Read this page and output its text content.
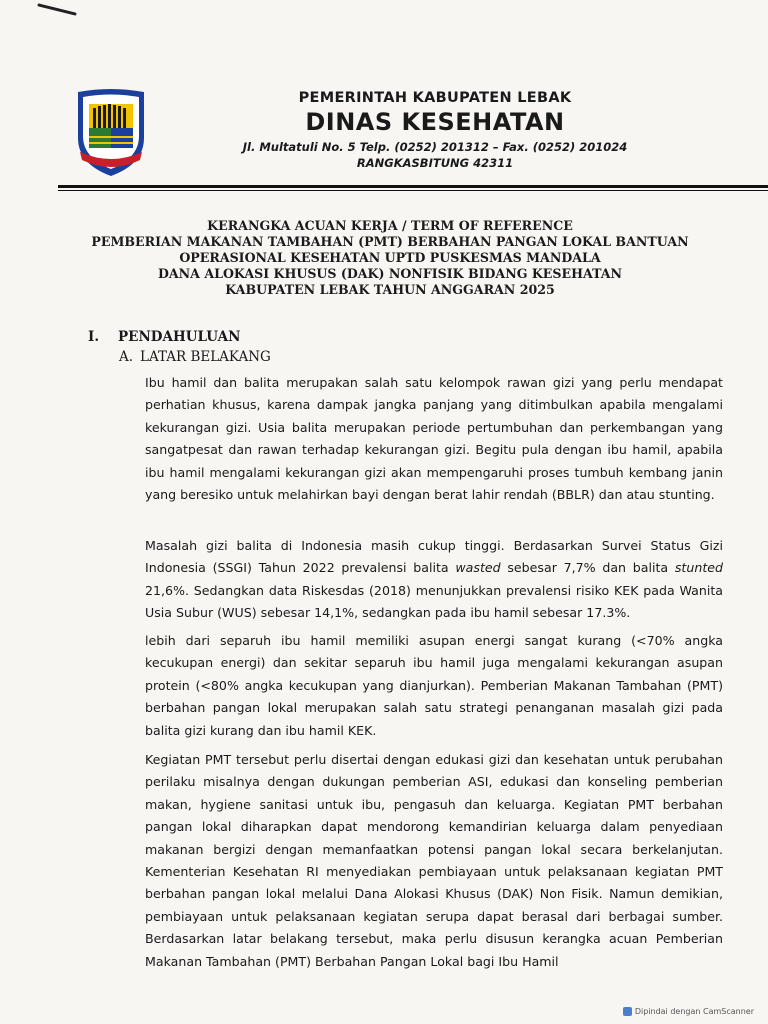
PEMERINTAH KABUPATEN LEBAK
DINAS KESEHATAN
Jl. Multatuli No. 5 Telp. (0252) 201312 – Fax. (0252) 201024
RANGKASBITUNG 42311
KERANGKA ACUAN KERJA / TERM OF REFERENCE
PEMBERIAN MAKANAN TAMBAHAN (PMT) BERBAHAN PANGAN LOKAL BANTUAN
OPERASIONAL KESEHATAN UPTD PUSKESMAS MANDALA
DANA ALOKASI KHUSUS (DAK) NONFISIK BIDANG KESEHATAN
KABUPATEN LEBAK TAHUN ANGGARAN 2025
I. PENDAHULUAN
A. LATAR BELAKANG
Ibu hamil dan balita merupakan salah satu kelompok rawan gizi yang perlu mendapat perhatian khusus, karena dampak jangka panjang yang ditimbulkan apabila mengalami kekurangan gizi. Usia balita merupakan periode pertumbuhan dan perkembangan yang sangatpesat dan rawan terhadap kekurangan gizi. Begitu pula dengan ibu hamil, apabila ibu hamil mengalami kekurangan gizi akan mempengaruhi proses tumbuh kembang janin yang beresiko untuk melahirkan bayi dengan berat lahir rendah (BBLR) dan atau stunting.
Masalah gizi balita di Indonesia masih cukup tinggi. Berdasarkan Survei Status Gizi Indonesia (SSGI) Tahun 2022 prevalensi balita wasted sebesar 7,7% dan balita stunted 21,6%. Sedangkan data Riskesdas (2018) menunjukkan prevalensi risiko KEK pada Wanita Usia Subur (WUS) sebesar 14,1%, sedangkan pada ibu hamil sebesar 17.3%.
lebih dari separuh ibu hamil memiliki asupan energi sangat kurang (<70% angka kecukupan energi) dan sekitar separuh ibu hamil juga mengalami kekurangan asupan protein (<80% angka kecukupan yang dianjurkan). Pemberian Makanan Tambahan (PMT) berbahan pangan lokal merupakan salah satu strategi penanganan masalah gizi pada balita gizi kurang dan ibu hamil KEK.
Kegiatan PMT tersebut perlu disertai dengan edukasi gizi dan kesehatan untuk perubahan perilaku misalnya dengan dukungan pemberian ASI, edukasi dan konseling pemberian makan, hygiene sanitasi untuk ibu, pengasuh dan keluarga. Kegiatan PMT berbahan pangan lokal diharapkan dapat mendorong kemandirian keluarga dalam penyediaan makanan bergizi dengan memanfaatkan potensi pangan lokal secara berkelanjutan. Kementerian Kesehatan RI menyediakan pembiayaan untuk pelaksanaan kegiatan PMT berbahan pangan lokal melalui Dana Alokasi Khusus (DAK) Non Fisik. Namun demikian, pembiayaan untuk pelaksanaan kegiatan serupa dapat berasal dari berbagai sumber. Berdasarkan latar belakang tersebut, maka perlu disusun kerangka acuan Pemberian Makanan Tambahan (PMT) Berbahan Pangan Lokal bagi Ibu Hamil
Dipindai dengan CamScanner
